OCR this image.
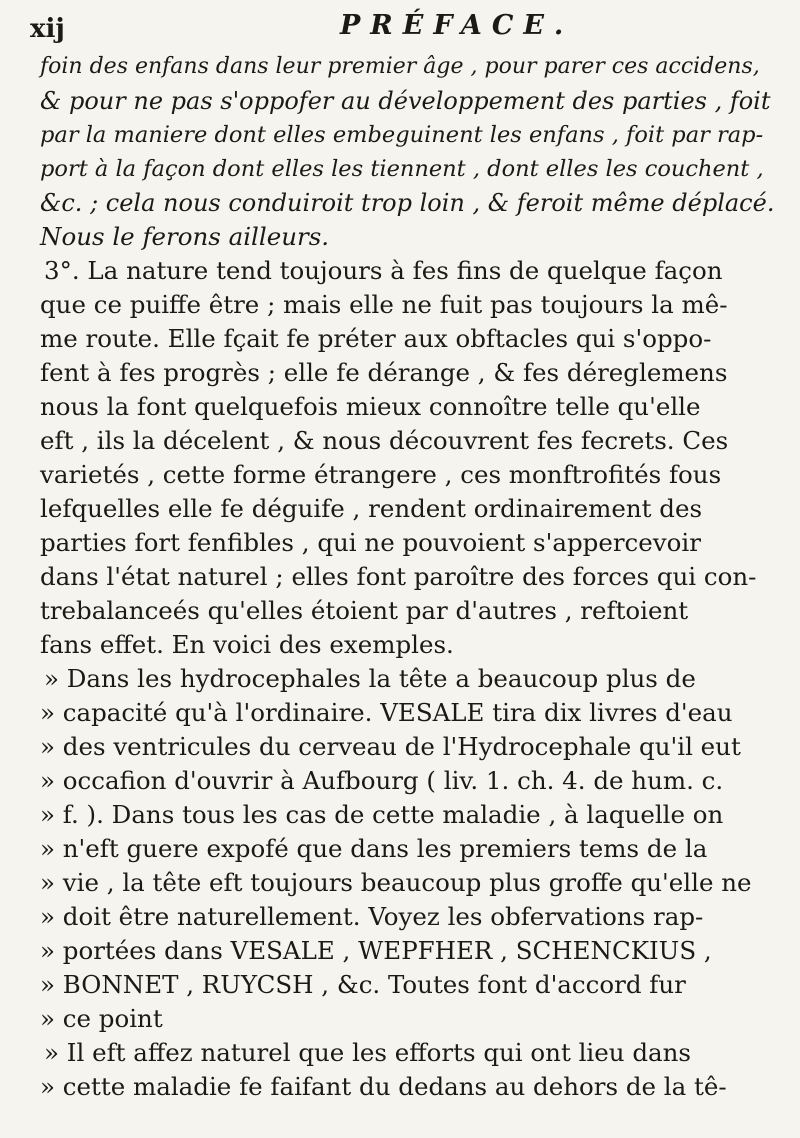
xij	PRÉFACE.
foin des enfans dans leur premier âge , pour parer ces accidens,
& pour ne pas s'oppofer au développement des parties , foit
par la maniere dont elles embeguinent les enfans , foit par rap-
port à la façon dont elles les tiennent , dont elles les couchent ,
&c. ; cela nous conduiroit trop loin , & feroit même déplacé.
Nous le ferons ailleurs.
3°. La nature tend toujours à fes fins de quelque façon
que ce puiffe être ; mais elle ne fuit pas toujours la mê-
me route. Elle fçait fe préter aux obftacles qui s'oppo-
fent à fes progrès ; elle fe dérange , & fes déreglemens
nous la font quelquefois mieux connoître telle qu'elle
eft , ils la décelent , & nous découvrent fes fecrets. Ces
varietés , cette forme étrangere , ces monftrofités fous
lefquelles elle fe déguife , rendent ordinairement des
parties fort fenfibles , qui ne pouvoient s'appercevoir
dans l'état naturel ; elles font paroître des forces qui con-
trebalanceés qu'elles étoient par d'autres , reftoient
fans effet. En voici des exemples.
» Dans les hydrocephales la tête a beaucoup plus de
» capacité qu'à l'ordinaire. VESALE tira dix livres d'eau
» des ventricules du cerveau de l'Hydrocephale qu'il eut
» occafion d'ouvrir à Aufbourg ( liv. 1. ch. 4. de hum. c.
» f. ). Dans tous les cas de cette maladie , à laquelle on
» n'eft guere expofé que dans les premiers tems de la
» vie , la tête eft toujours beaucoup plus groffe qu'elle ne
» doit être naturellement. Voyez les obfervations rap-
» portées dans VESALE , WEPFHER , SCHENCKIUS ,
» BONNET , RUYCSH , &c. Toutes font d'accord fur
» ce point
» Il eft affez naturel que les efforts qui ont lieu dans
» cette maladie fe faifant du dedans au dehors de la tê-
